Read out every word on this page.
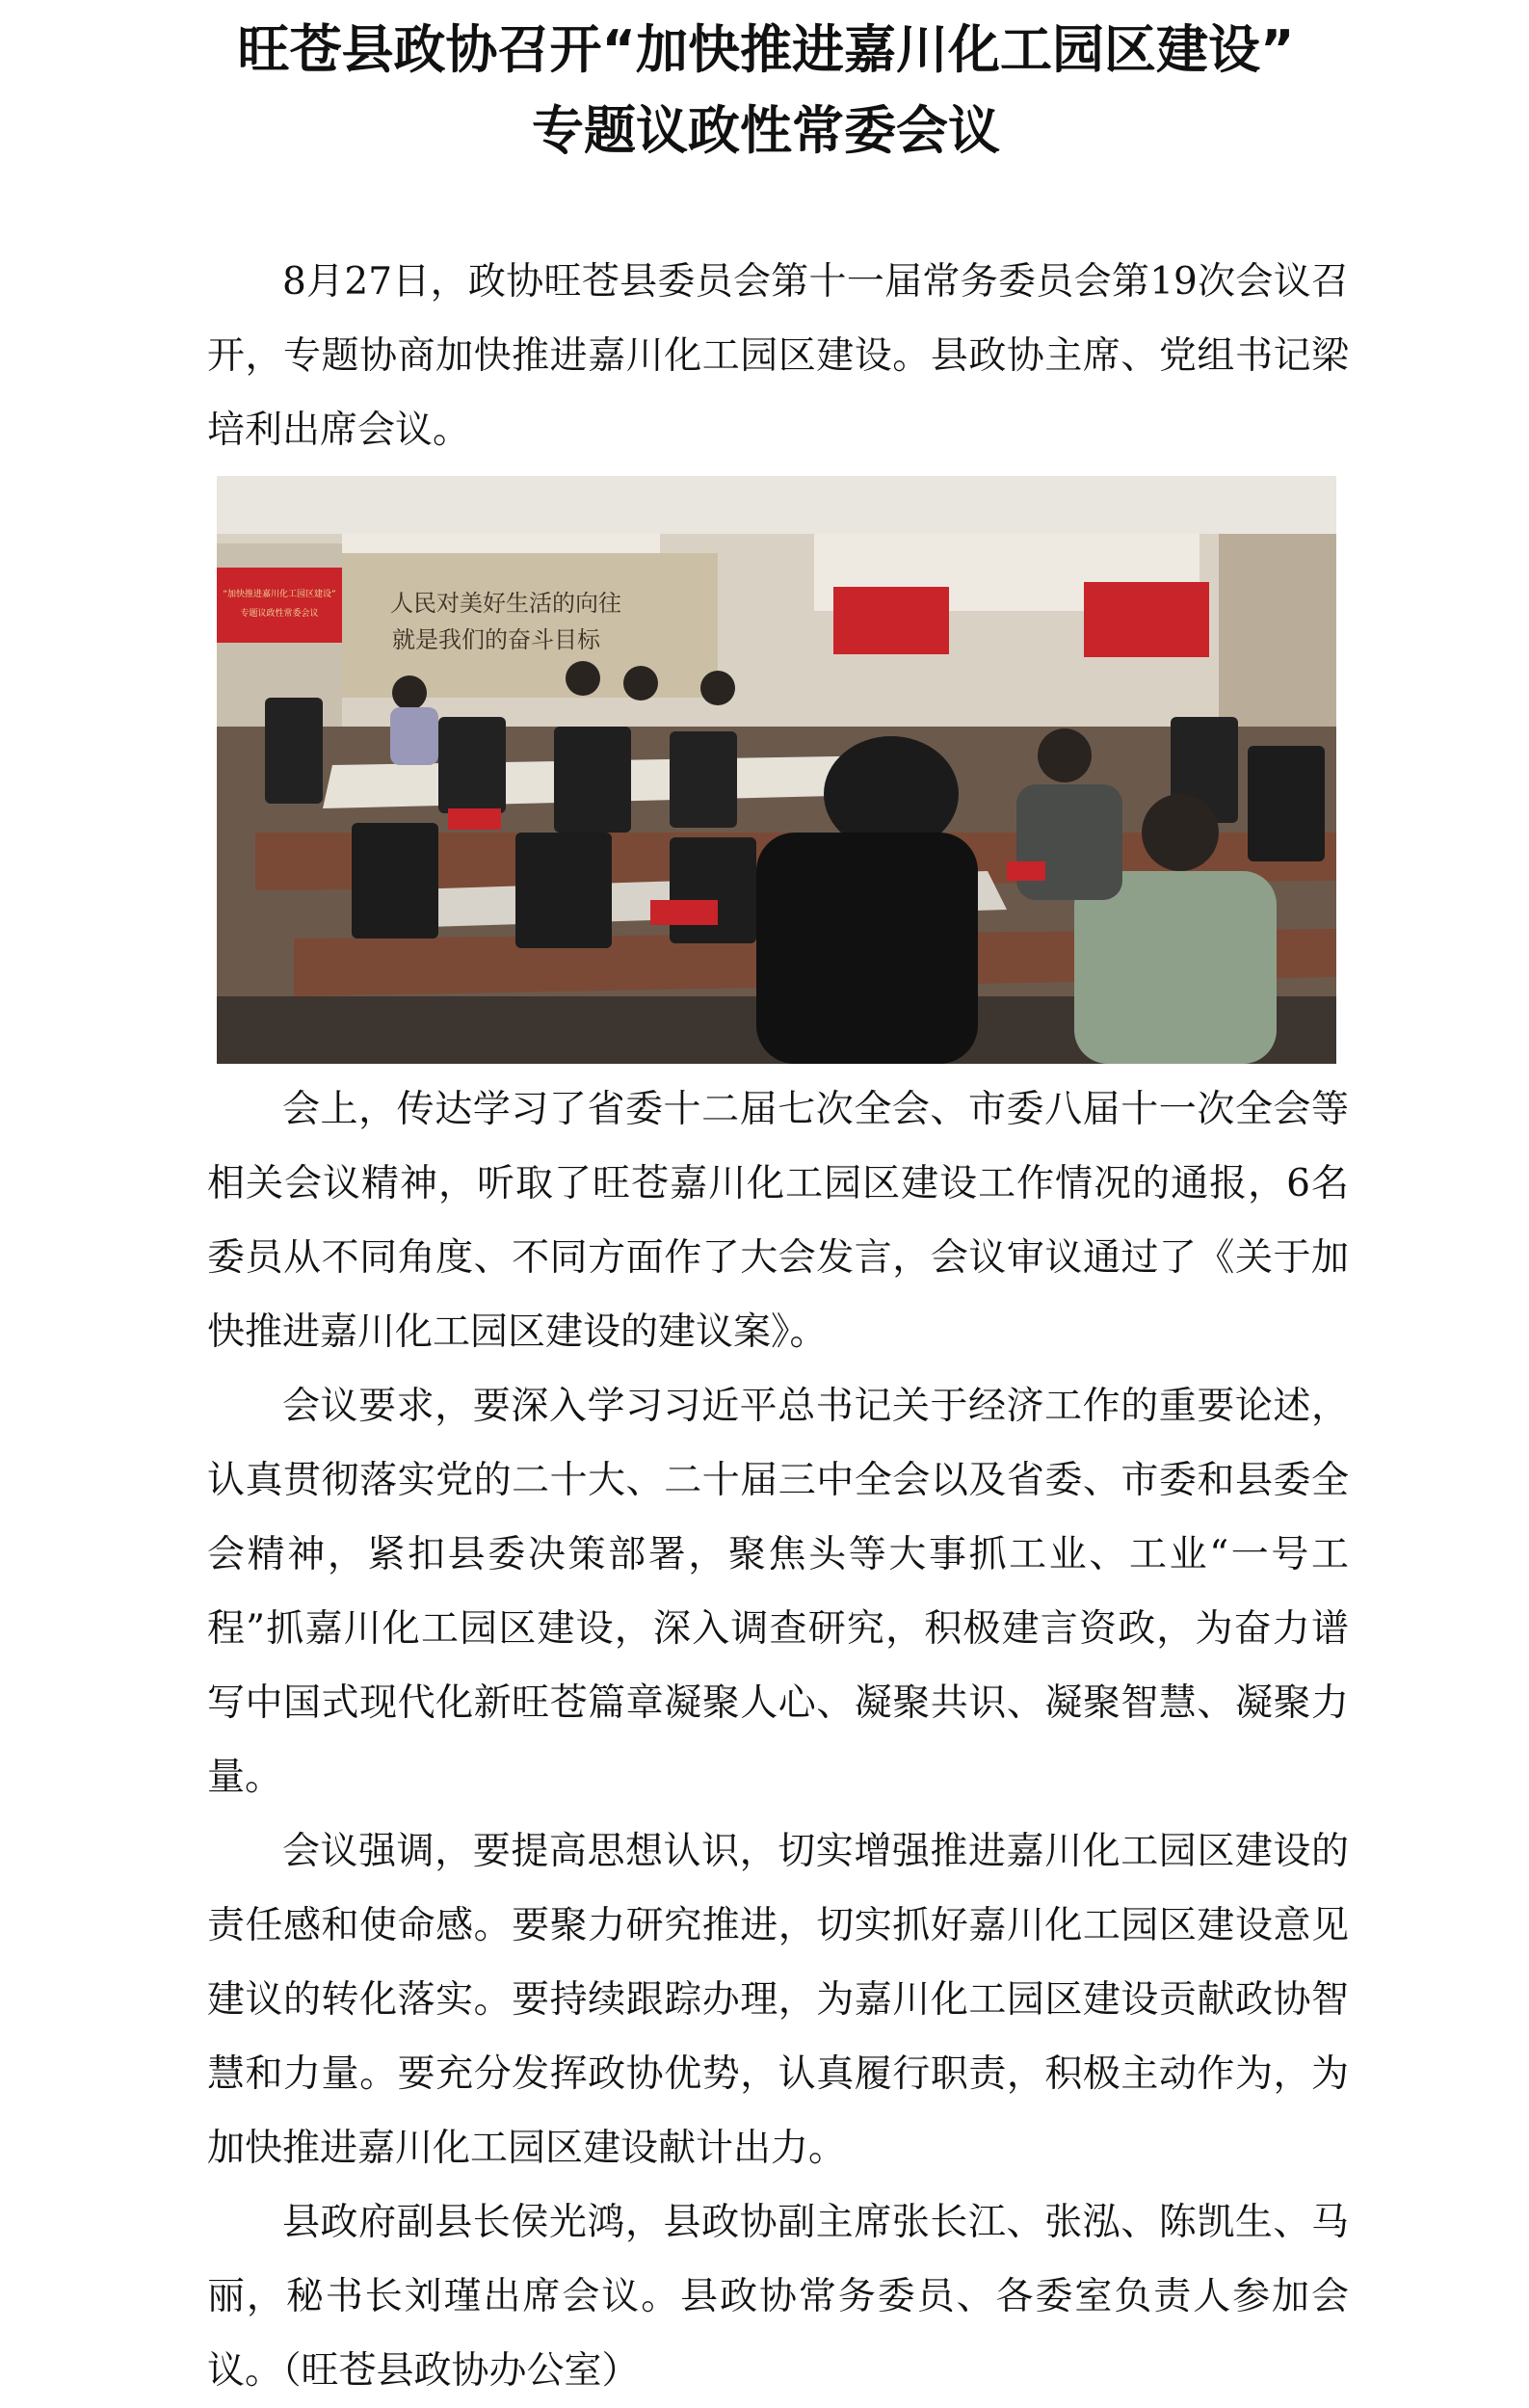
旺苍县政协召开“加快推进嘉川化工园区建设”
专题议政性常委会议

8月27日，政协旺苍县委员会第十一届常务委员会第19次会议召开，专题协商加快推进嘉川化工园区建设。县政协主席、党组书记梁培利出席会议。

人民对美好生活的向往
就是我们的奋斗目标
“加快推进嘉川化工园区建设”
专题议政性常委会议

会上，传达学习了省委十二届七次全会、市委八届十一次全会等相关会议精神，听取了旺苍嘉川化工园区建设工作情况的通报，6名委员从不同角度、不同方面作了大会发言，会议审议通过了《关于加快推进嘉川化工园区建设的建议案》。

会议要求，要深入学习习近平总书记关于经济工作的重要论述，认真贯彻落实党的二十大、二十届三中全会以及省委、市委和县委全会精神，紧扣县委决策部署，聚焦头等大事抓工业、工业“一号工程”抓嘉川化工园区建设，深入调查研究，积极建言资政，为奋力谱写中国式现代化新旺苍篇章凝聚人心、凝聚共识、凝聚智慧、凝聚力量。

会议强调，要提高思想认识，切实增强推进嘉川化工园区建设的责任感和使命感。要聚力研究推进，切实抓好嘉川化工园区建设意见建议的转化落实。要持续跟踪办理，为嘉川化工园区建设贡献政协智慧和力量。要充分发挥政协优势，认真履行职责，积极主动作为，为加快推进嘉川化工园区建设献计出力。

县政府副县长侯光鸿，县政协副主席张长江、张泓、陈凯生、马丽，秘书长刘瑾出席会议。县政协常务委员、各委室负责人参加会议。（旺苍县政协办公室）
